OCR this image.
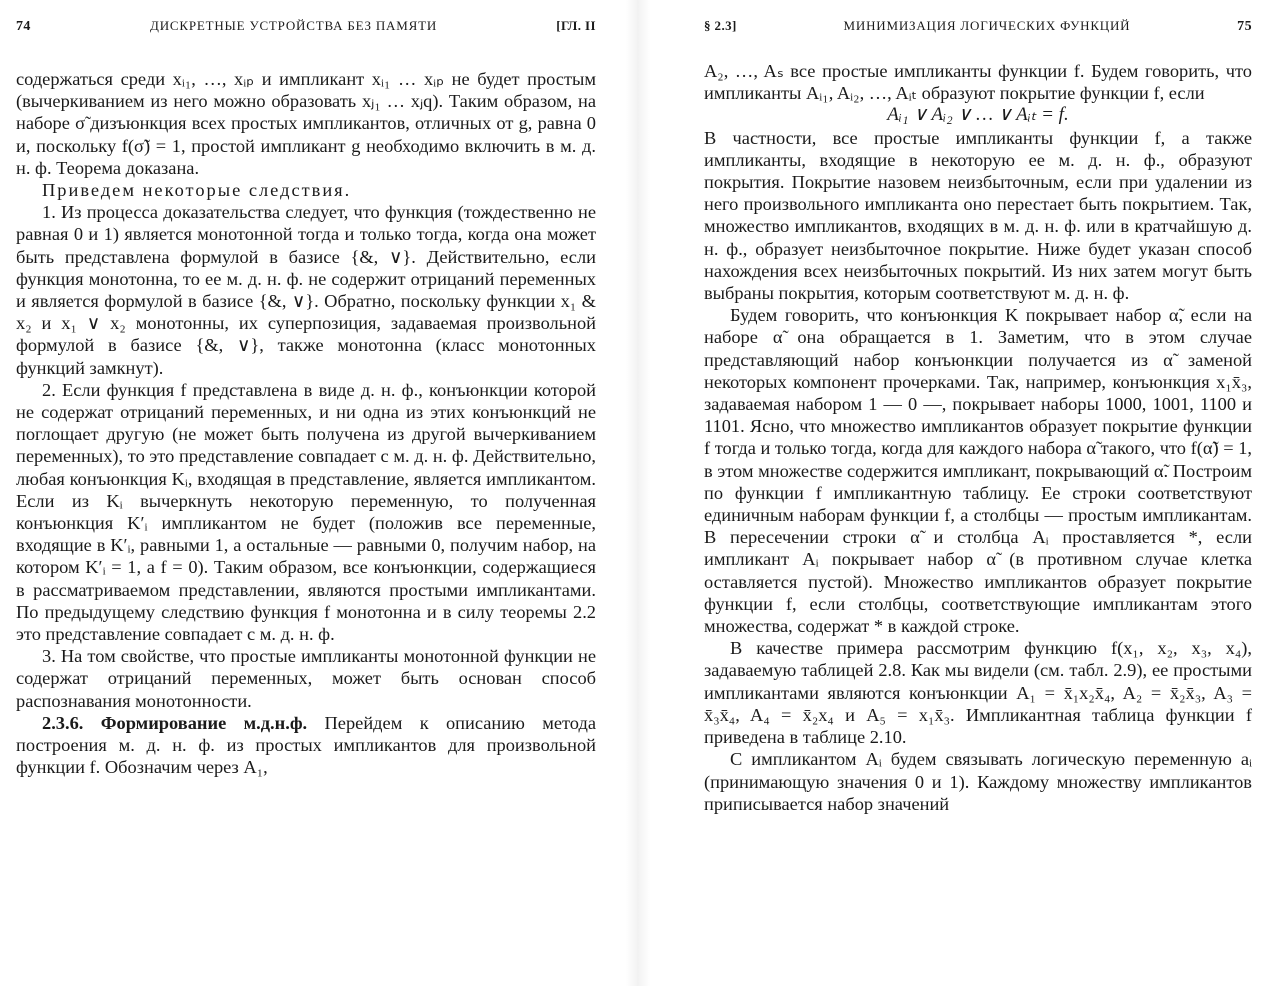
74	ДИСКРЕТНЫЕ УСТРОЙСТВА БЕЗ ПАМЯТИ	[ГЛ. II

содержаться среди xᵢ₁, …, xᵢₚ и импликант xᵢ₁ … xᵢₚ не будет простым (вычеркиванием из него можно образовать xⱼ₁ … xⱼq). Таким образом, на наборе σ̃ дизъюнкция всех простых импликантов, отличных от g, равна 0 и, поскольку f(σ̃) = 1, простой импликант g необходимо включить в м. д. н. ф. Теорема доказана.

Приведем некоторые следствия.

1. Из процесса доказательства следует, что функция (тождественно не равная 0 и 1) является монотонной тогда и только тогда, когда она может быть представлена формулой в базисе {&, ∨}. Действительно, если функция монотонна, то ее м. д. н. ф. не содержит отрицаний переменных и является формулой в базисе {&, ∨}. Обратно, поскольку функции x₁ & x₂ и x₁ ∨ x₂ монотонны, их суперпозиция, задаваемая произвольной формулой в базисе {&, ∨}, также монотонна (класс монотонных функций замкнут).

2. Если функция f представлена в виде д. н. ф., конъюнкции которой не содержат отрицаний переменных, и ни одна из этих конъюнкций не поглощает другую (не может быть получена из другой вычеркиванием переменных), то это представление совпадает с м. д. н. ф. Действительно, любая конъюнкция Kᵢ, входящая в представление, является импликантом. Если из Kᵢ вычеркнуть некоторую переменную, то полученная конъюнкция K′ᵢ импликантом не будет (положив все переменные, входящие в K′ᵢ, равными 1, а остальные — равными 0, получим набор, на котором K′ᵢ = 1, а f = 0). Таким образом, все конъюнкции, содержащиеся в рассматриваемом представлении, являются простыми импликантами. По предыдущему следствию функция f монотонна и в силу теоремы 2.2 это представление совпадает с м. д. н. ф.

3. На том свойстве, что простые импликанты монотонной функции не содержат отрицаний переменных, может быть основан способ распознавания монотонности.

2.3.6. Формирование м.д.н.ф. Перейдем к описанию метода построения м. д. н. ф. из простых импликантов для произвольной функции f. Обозначим через A₁,

§ 2.3]	МИНИМИЗАЦИЯ ЛОГИЧЕСКИХ ФУНКЦИЙ	75

A₂, …, Aₛ все простые импликанты функции f. Будем говорить, что импликанты Aᵢ₁, Aᵢ₂, …, Aᵢₜ образуют покрытие функции f, если

Aᵢ₁ ∨ Aᵢ₂ ∨ … ∨ Aᵢₜ = f.

В частности, все простые импликанты функции f, а также импликанты, входящие в некоторую ее м. д. н. ф., образуют покрытия. Покрытие назовем неизбыточным, если при удалении из него произвольного импликанта оно перестает быть покрытием. Так, множество импликантов, входящих в м. д. н. ф. или в кратчайшую д. н. ф., образует неизбыточное покрытие. Ниже будет указан способ нахождения всех неизбыточных покрытий. Из них затем могут быть выбраны покрытия, которым соответствуют м. д. н. ф.

Будем говорить, что конъюнкция K покрывает набор α̃, если на наборе α̃ она обращается в 1. Заметим, что в этом случае представляющий набор конъюнкции получается из α̃ заменой некоторых компонент прочерками. Так, например, конъюнкция x₁x̄₃, задаваемая набором 1 — 0 —, покрывает наборы 1000, 1001, 1100 и 1101. Ясно, что множество импликантов образует покрытие функции f тогда и только тогда, когда для каждого набора α̃ такого, что f(α̃) = 1, в этом множестве содержится импликант, покрывающий α̃. Построим по функции f импликантную таблицу. Ее строки соответствуют единичным наборам функции f, а столбцы — простым импликантам. В пересечении строки α̃ и столбца Aᵢ проставляется *, если импликант Aᵢ покрывает набор α̃ (в противном случае клетка оставляется пустой). Множество импликантов образует покрытие функции f, если столбцы, соответствующие импликантам этого множества, содержат * в каждой строке.

В качестве примера рассмотрим функцию f(x₁, x₂, x₃, x₄), задаваемую таблицей 2.8. Как мы видели (см. табл. 2.9), ее простыми импликантами являются конъюнкции A₁ = x̄₁x₂x̄₄, A₂ = x̄₂x̄₃, A₃ = x̄₃x̄₄, A₄ = x̄₂x₄ и A₅ = x₁x̄₃. Импликантная таблица функции f приведена в таблице 2.10.

С импликантом Aᵢ будем связывать логическую переменную aᵢ (принимающую значения 0 и 1). Каждому множеству импликантов приписывается набор значений
